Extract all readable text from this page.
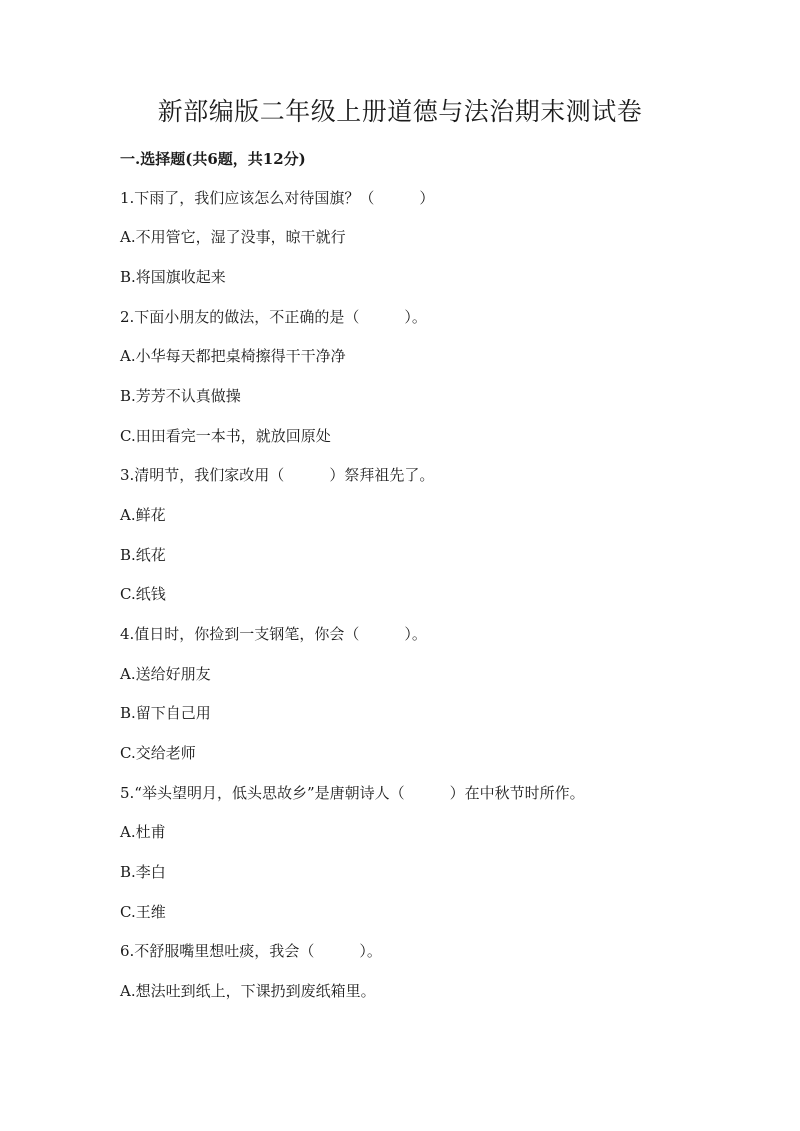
新部编版二年级上册道德与法治期末测试卷

一.选择题(共6题，共12分)

1.下雨了，我们应该怎么对待国旗？（　　　）

A.不用管它，湿了没事，晾干就行

B.将国旗收起来

2.下面小朋友的做法，不正确的是（　　　）。

A.小华每天都把桌椅擦得干干净净

B.芳芳不认真做操

C.田田看完一本书，就放回原处

3.清明节，我们家改用（　　　）祭拜祖先了。

A.鲜花

B.纸花

C.纸钱

4.值日时，你捡到一支钢笔，你会（　　　）。

A.送给好朋友

B.留下自己用

C.交给老师

5.“举头望明月，低头思故乡”是唐朝诗人（　　　）在中秋节时所作。

A.杜甫

B.李白

C.王维

6.不舒服嘴里想吐痰，我会（　　　）。

A.想法吐到纸上，下课扔到废纸箱里。
